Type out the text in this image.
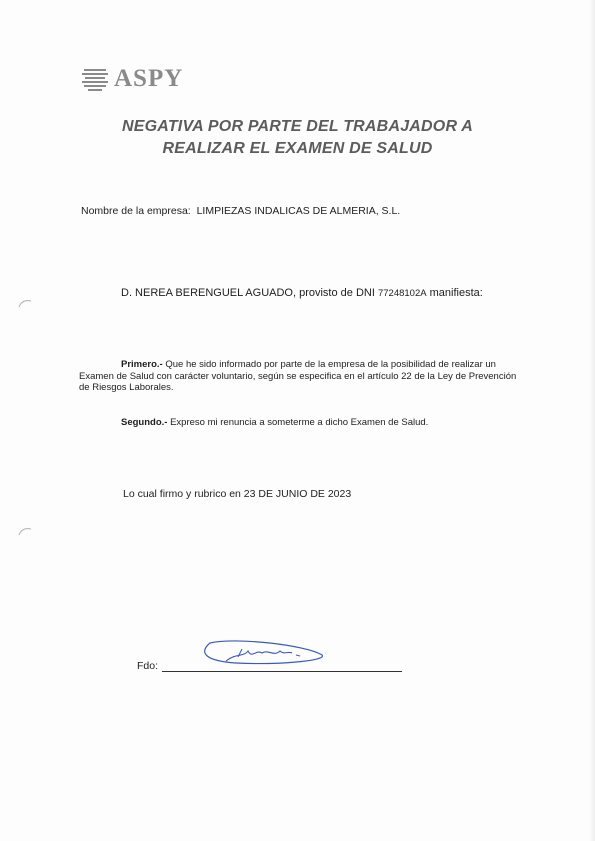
ASPY
NEGATIVA POR PARTE DEL TRABAJADOR A
REALIZAR EL EXAMEN DE SALUD
Nombre de la empresa: LIMPIEZAS INDALICAS DE ALMERIA, S.L.
D. NEREA BERENGUEL AGUADO, provisto de DNI 77248102A manifiesta:
Primero.- Que he sido informado por parte de la empresa de la posibilidad de realizar un Examen de Salud con carácter voluntario, según se especifica en el artículo 22 de la Ley de Prevención de Riesgos Laborales.
Segundo.- Expreso mi renuncia a someterme a dicho Examen de Salud.
Lo cual firmo y rubrico en 23 DE JUNIO DE 2023
Fdo:
